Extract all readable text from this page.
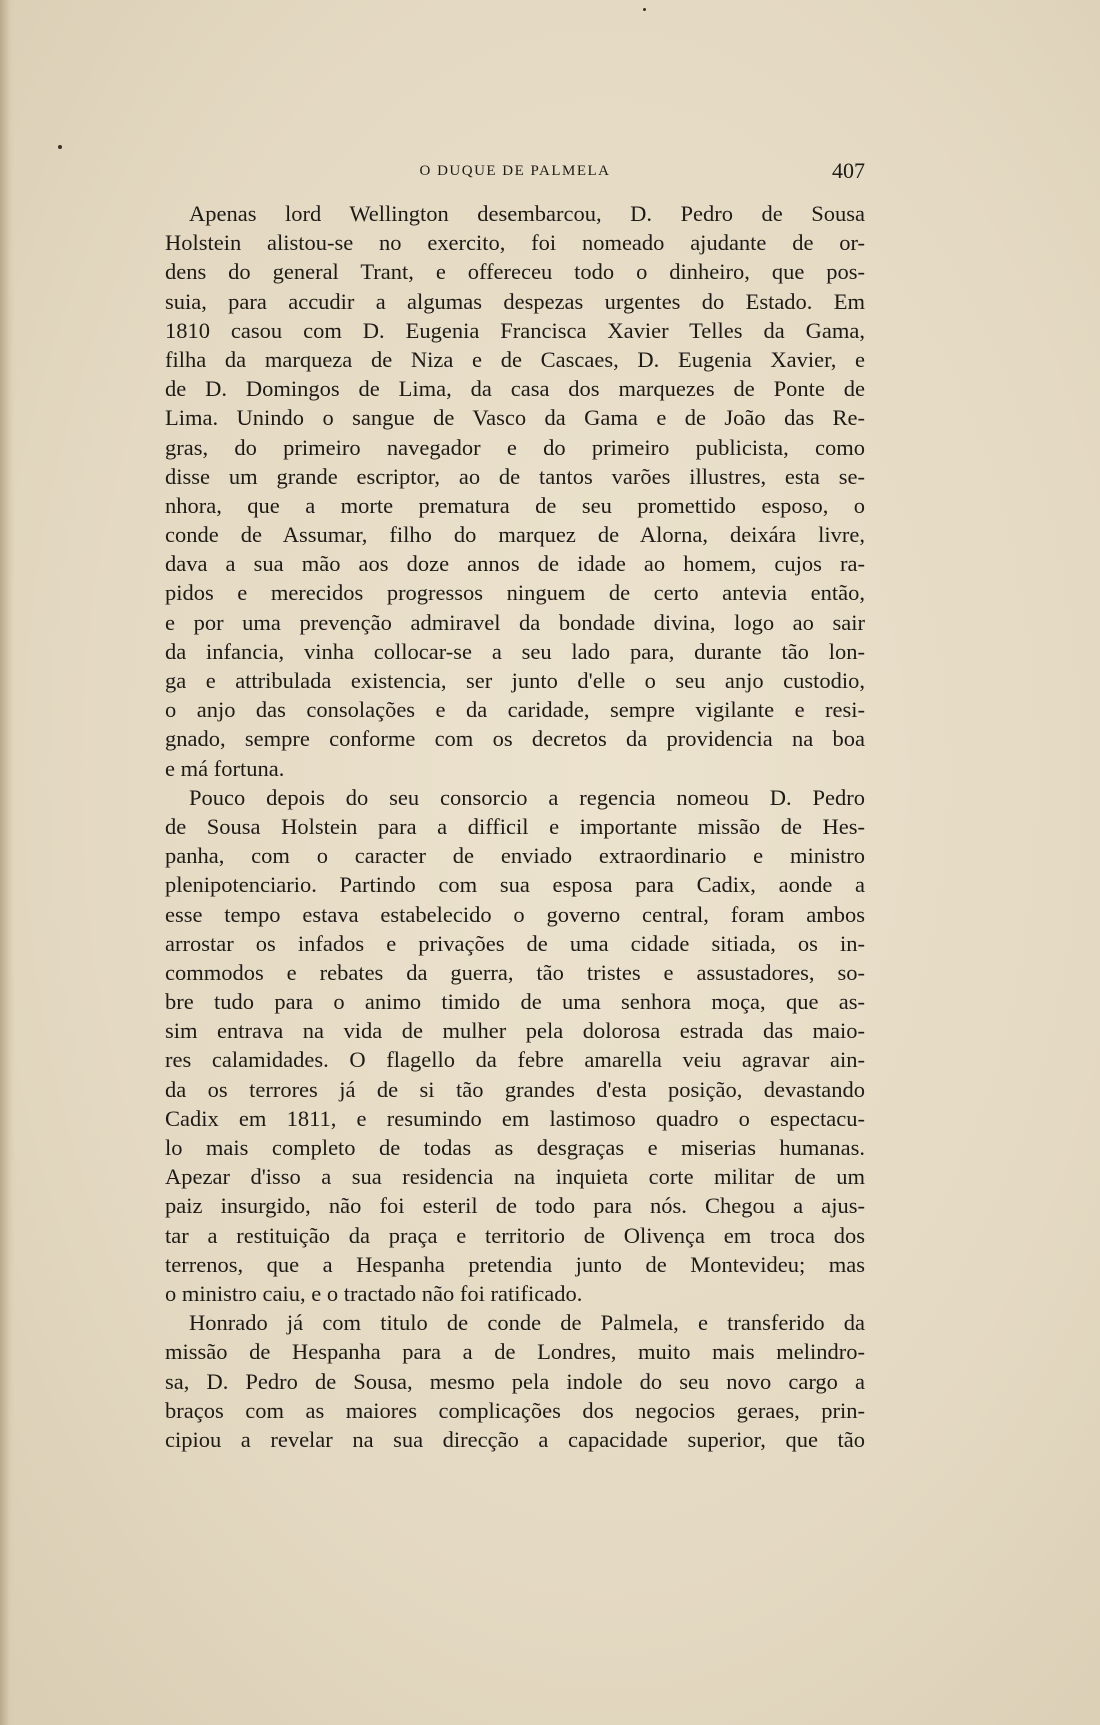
O DUQUE DE PALMELA	407
Apenas lord Wellington desembarcou, D. Pedro de Sousa
Holstein alistou-se no exercito, foi nomeado ajudante de or-
dens do general Trant, e offereceu todo o dinheiro, que pos-
suia, para accudir a algumas despezas urgentes do Estado. Em
1810 casou com D. Eugenia Francisca Xavier Telles da Gama,
filha da marqueza de Niza e de Cascaes, D. Eugenia Xavier, e
de D. Domingos de Lima, da casa dos marquezes de Ponte de
Lima. Unindo o sangue de Vasco da Gama e de João das Re-
gras, do primeiro navegador e do primeiro publicista, como
disse um grande escriptor, ao de tantos varões illustres, esta se-
nhora, que a morte prematura de seu promettido esposo, o
conde de Assumar, filho do marquez de Alorna, deixára livre,
dava a sua mão aos doze annos de idade ao homem, cujos ra-
pidos e merecidos progressos ninguem de certo antevia então,
e por uma prevenção admiravel da bondade divina, logo ao sair
da infancia, vinha collocar-se a seu lado para, durante tão lon-
ga e attribulada existencia, ser junto d'elle o seu anjo custodio,
o anjo das consolações e da caridade, sempre vigilante e resi-
gnado, sempre conforme com os decretos da providencia na boa
e má fortuna.
Pouco depois do seu consorcio a regencia nomeou D. Pedro
de Sousa Holstein para a difficil e importante missão de Hes-
panha, com o caracter de enviado extraordinario e ministro
plenipotenciario. Partindo com sua esposa para Cadix, aonde a
esse tempo estava estabelecido o governo central, foram ambos
arrostar os infados e privações de uma cidade sitiada, os in-
commodos e rebates da guerra, tão tristes e assustadores, so-
bre tudo para o animo timido de uma senhora moça, que as-
sim entrava na vida de mulher pela dolorosa estrada das maio-
res calamidades. O flagello da febre amarella veiu agravar ain-
da os terrores já de si tão grandes d'esta posição, devastando
Cadix em 1811, e resumindo em lastimoso quadro o espectacu-
lo mais completo de todas as desgraças e miserias humanas.
Apezar d'isso a sua residencia na inquieta corte militar de um
paiz insurgido, não foi esteril de todo para nós. Chegou a ajus-
tar a restituição da praça e territorio de Olivença em troca dos
terrenos, que a Hespanha pretendia junto de Montevideu; mas
o ministro caiu, e o tractado não foi ratificado.
Honrado já com titulo de conde de Palmela, e transferido da
missão de Hespanha para a de Londres, muito mais melindro-
sa, D. Pedro de Sousa, mesmo pela indole do seu novo cargo a
braços com as maiores complicações dos negocios geraes, prin-
cipiou a revelar na sua direcção a capacidade superior, que tão
